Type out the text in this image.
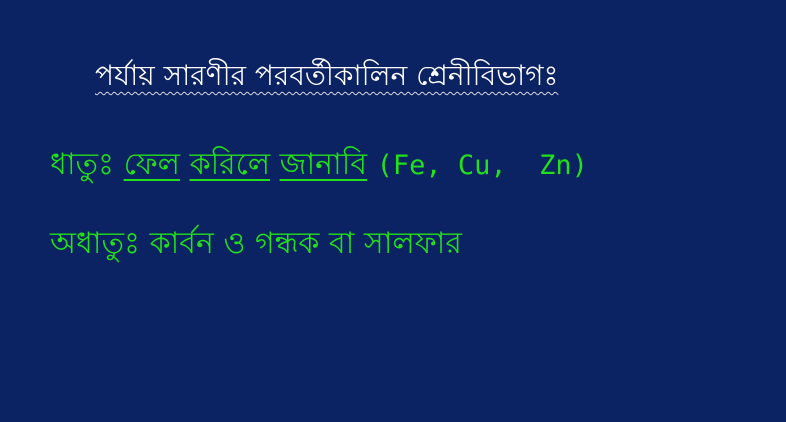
পর্যায় সারণীর পরবর্তীকালিন শ্রেনীবিভাগঃ
ধাতুঃ ফেল করিলে জানাবি (Fe, Cu,  Zn)
অধাতুঃ কার্বন ও গন্ধক বা সালফার
